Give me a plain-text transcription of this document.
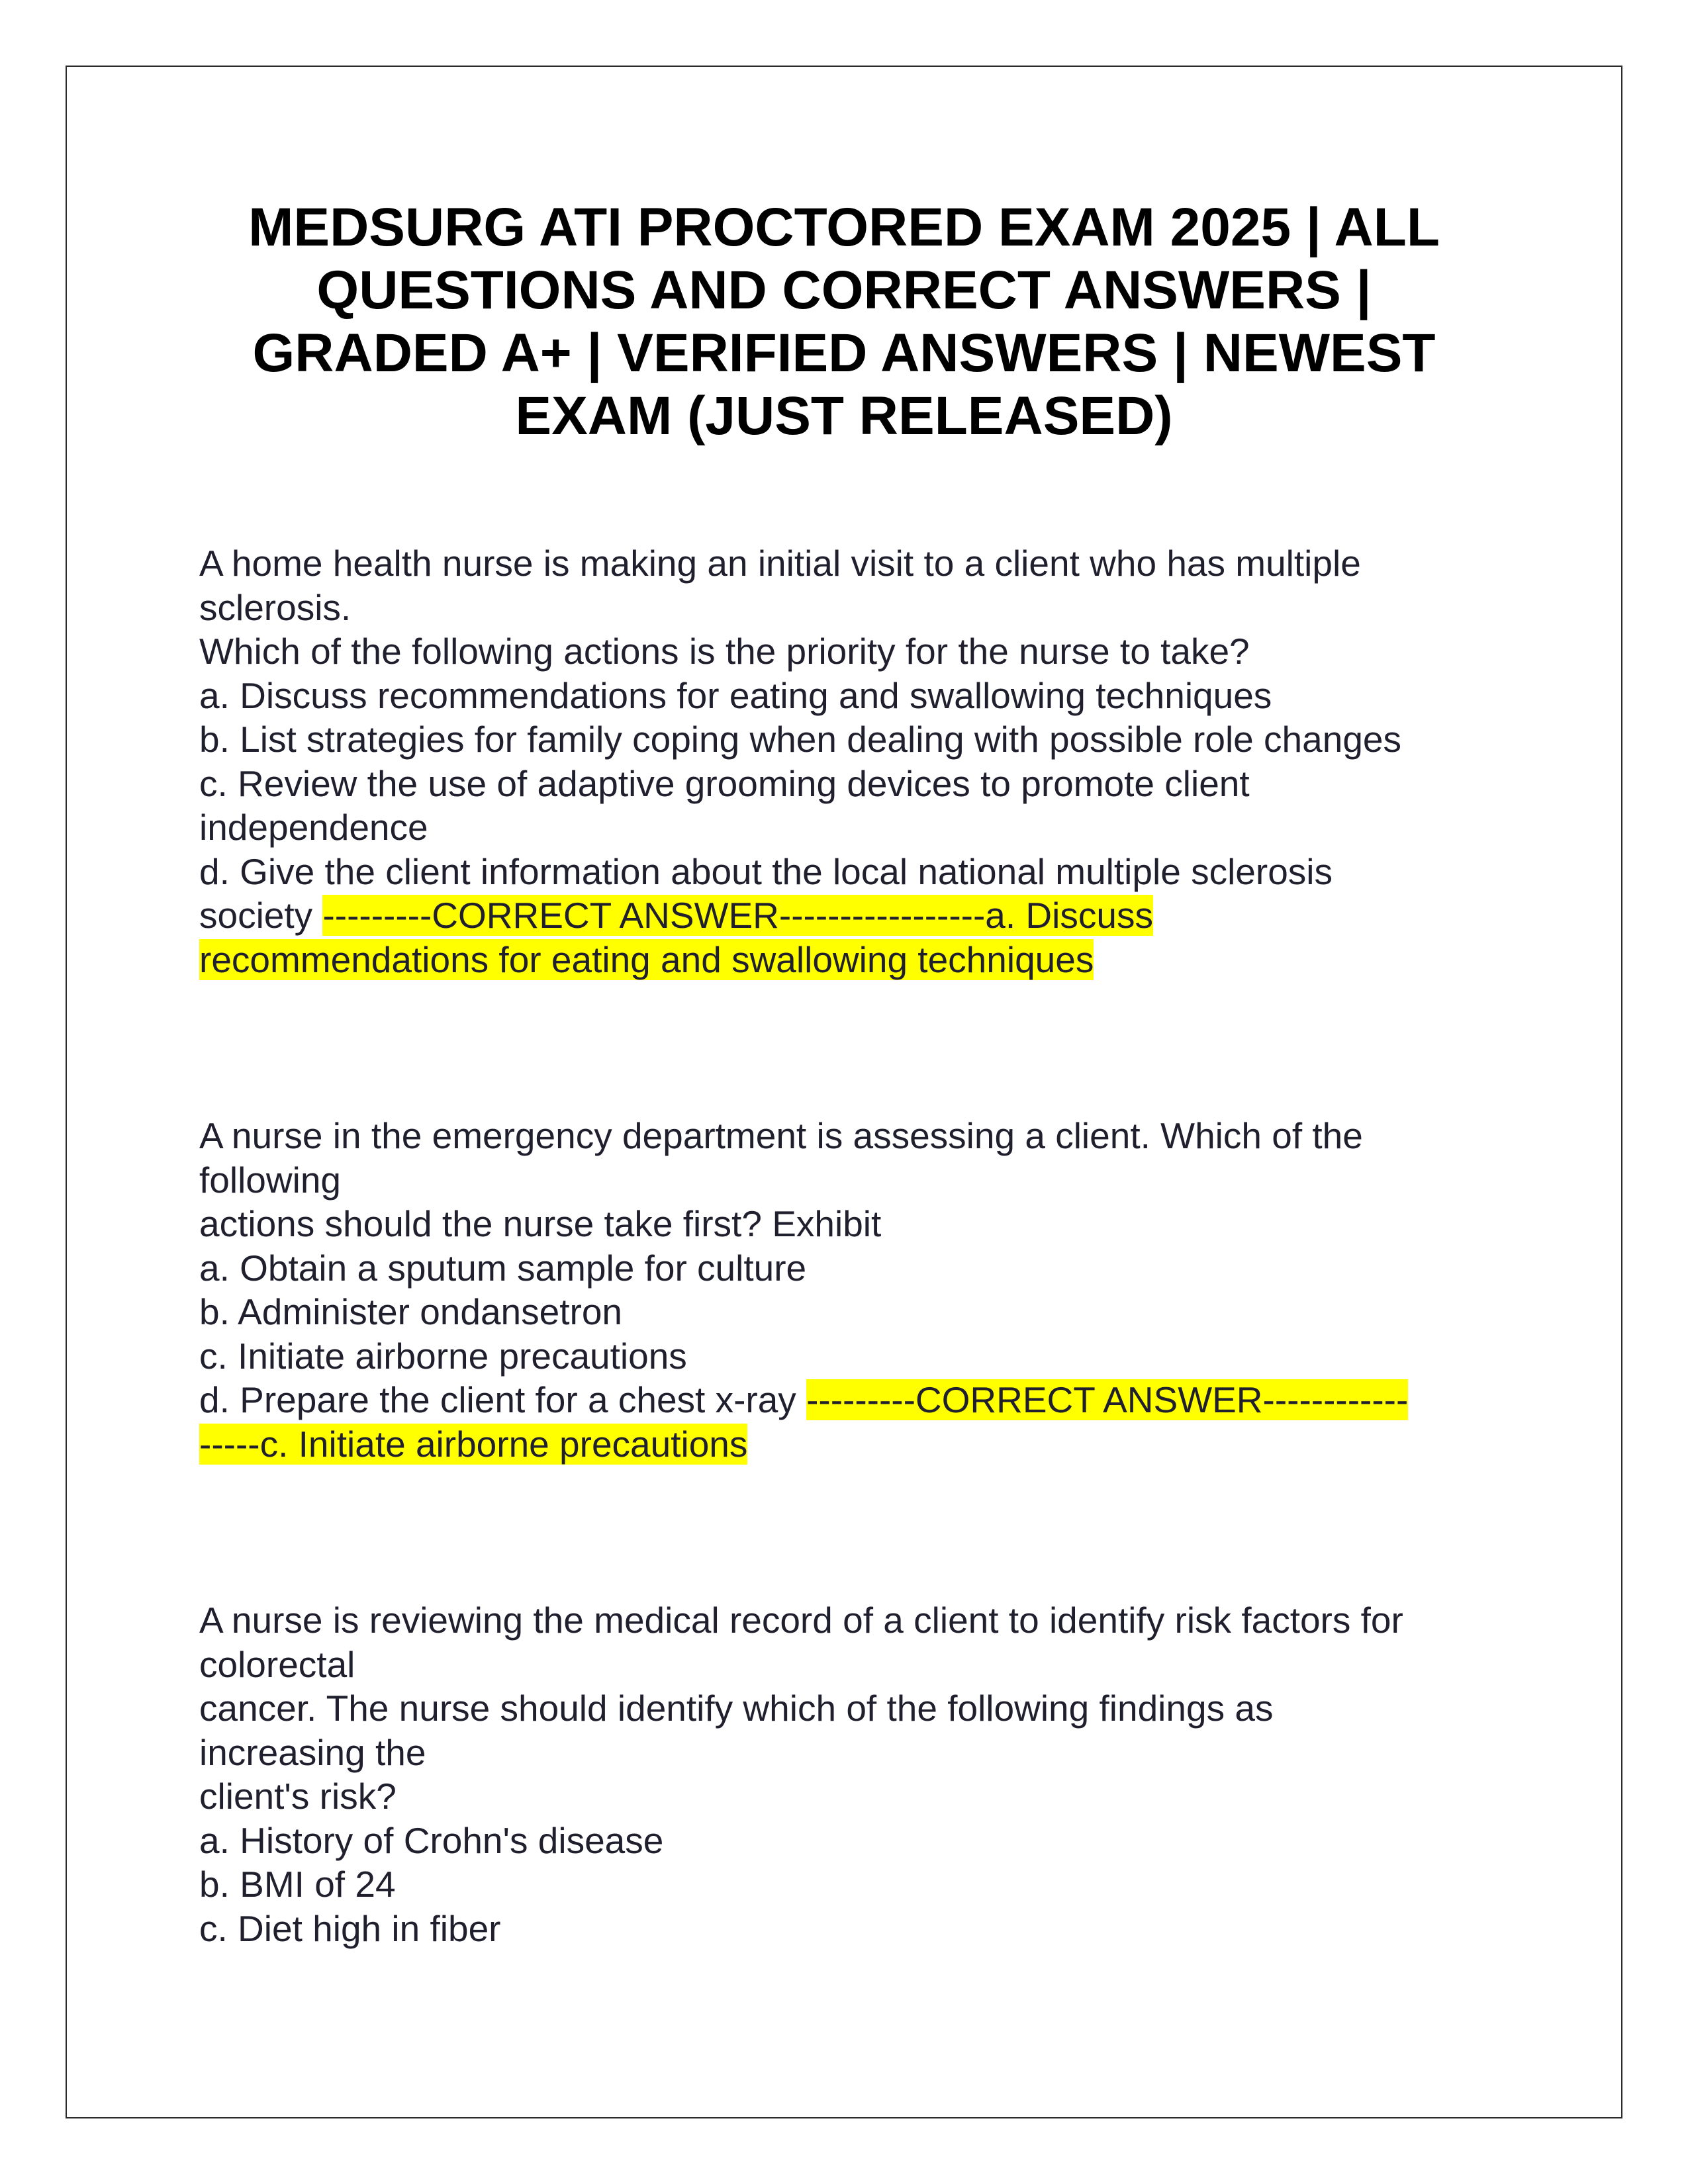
MEDSURG ATI PROCTORED EXAM 2025 | ALL
QUESTIONS AND CORRECT ANSWERS |
GRADED A+ | VERIFIED ANSWERS | NEWEST
EXAM (JUST RELEASED)
A home health nurse is making an initial visit to a client who has multiple
sclerosis.
Which of the following actions is the priority for the nurse to take?
a. Discuss recommendations for eating and swallowing techniques
b. List strategies for family coping when dealing with possible role changes
c. Review the use of adaptive grooming devices to promote client
independence
d. Give the client information about the local national multiple sclerosis
society ---------CORRECT ANSWER-----------------a. Discuss
recommendations for eating and swallowing techniques
A nurse in the emergency department is assessing a client. Which of the
following
actions should the nurse take first? Exhibit
a. Obtain a sputum sample for culture
b. Administer ondansetron
c. Initiate airborne precautions
d. Prepare the client for a chest x-ray ---------CORRECT ANSWER------------
-----c. Initiate airborne precautions
A nurse is reviewing the medical record of a client to identify risk factors for
colorectal
cancer. The nurse should identify which of the following findings as
increasing the
client's risk?
a. History of Crohn's disease
b. BMI of 24
c. Diet high in fiber
